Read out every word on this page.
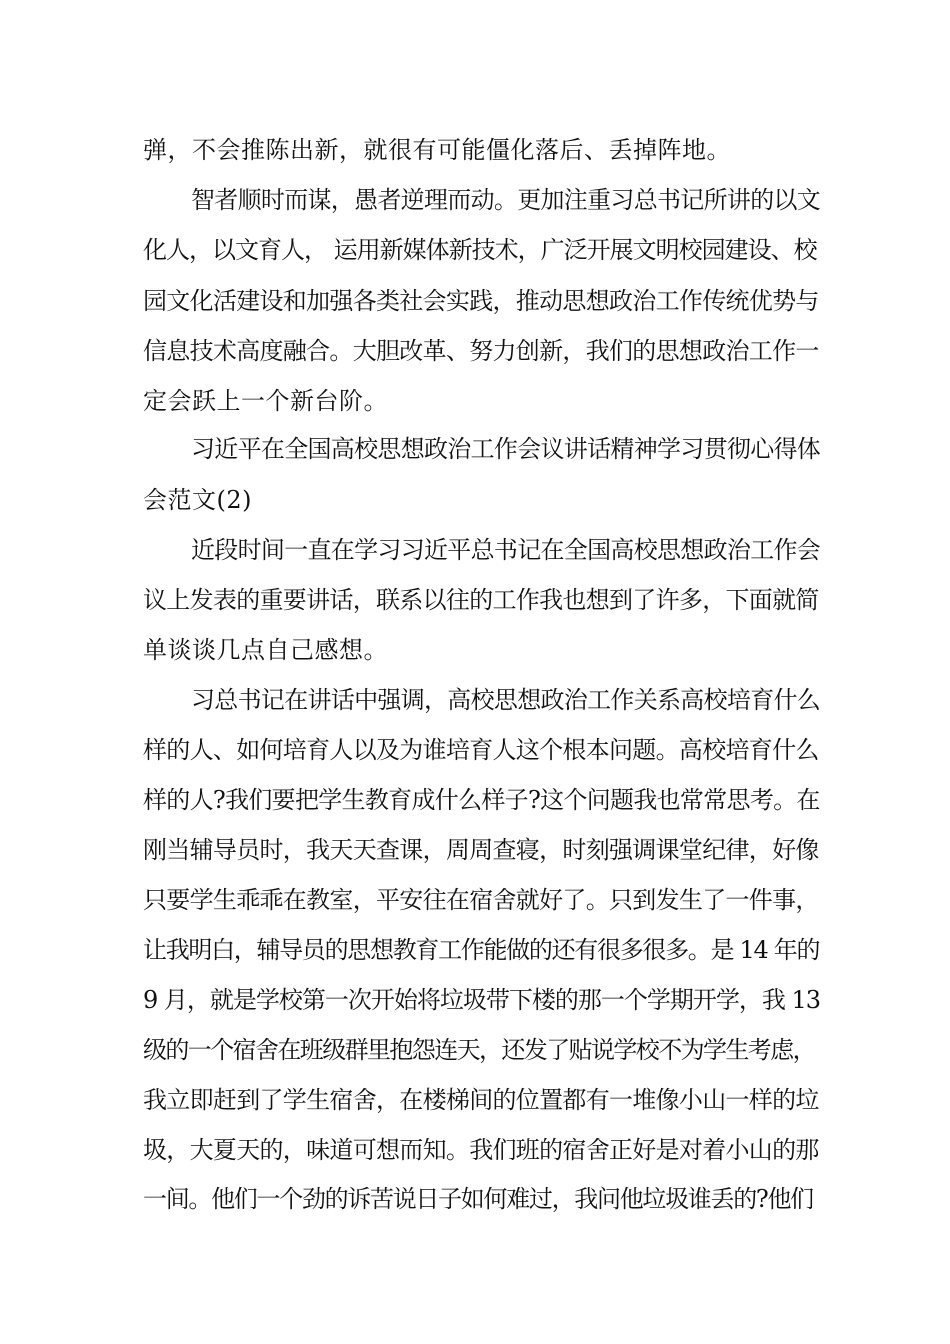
弹，不会推陈出新，就很有可能僵化落后、丢掉阵地。
智者顺时而谋，愚者逆理而动。更加注重习总书记所讲的以文
化人，以文育人， 运用新媒体新技术，广泛开展文明校园建设、校
园文化活建设和加强各类社会实践，推动思想政治工作传统优势与
信息技术高度融合。大胆改革、努力创新，我们的思想政治工作一
定会跃上一个新台阶。
习近平在全国高校思想政治工作会议讲话精神学习贯彻心得体
会范文(2)
近段时间一直在学习习近平总书记在全国高校思想政治工作会
议上发表的重要讲话，联系以往的工作我也想到了许多，下面就简
单谈谈几点自己感想。
习总书记在讲话中强调，高校思想政治工作关系高校培育什么
样的人、如何培育人以及为谁培育人这个根本问题。高校培育什么
样的人?我们要把学生教育成什么样子?这个问题我也常常思考。在
刚当辅导员时，我天天查课，周周查寝，时刻强调课堂纪律，好像
只要学生乖乖在教室，平安往在宿舍就好了。只到发生了一件事，
让我明白，辅导员的思想教育工作能做的还有很多很多。是 14 年的
9 月，就是学校第一次开始将垃圾带下楼的那一个学期开学，我 13
级的一个宿舍在班级群里抱怨连天，还发了贴说学校不为学生考虑，
我立即赶到了学生宿舍，在楼梯间的位置都有一堆像小山一样的垃
圾，大夏天的，味道可想而知。我们班的宿舍正好是对着小山的那
一间。他们一个劲的诉苦说日子如何难过，我问他垃圾谁丢的?他们
